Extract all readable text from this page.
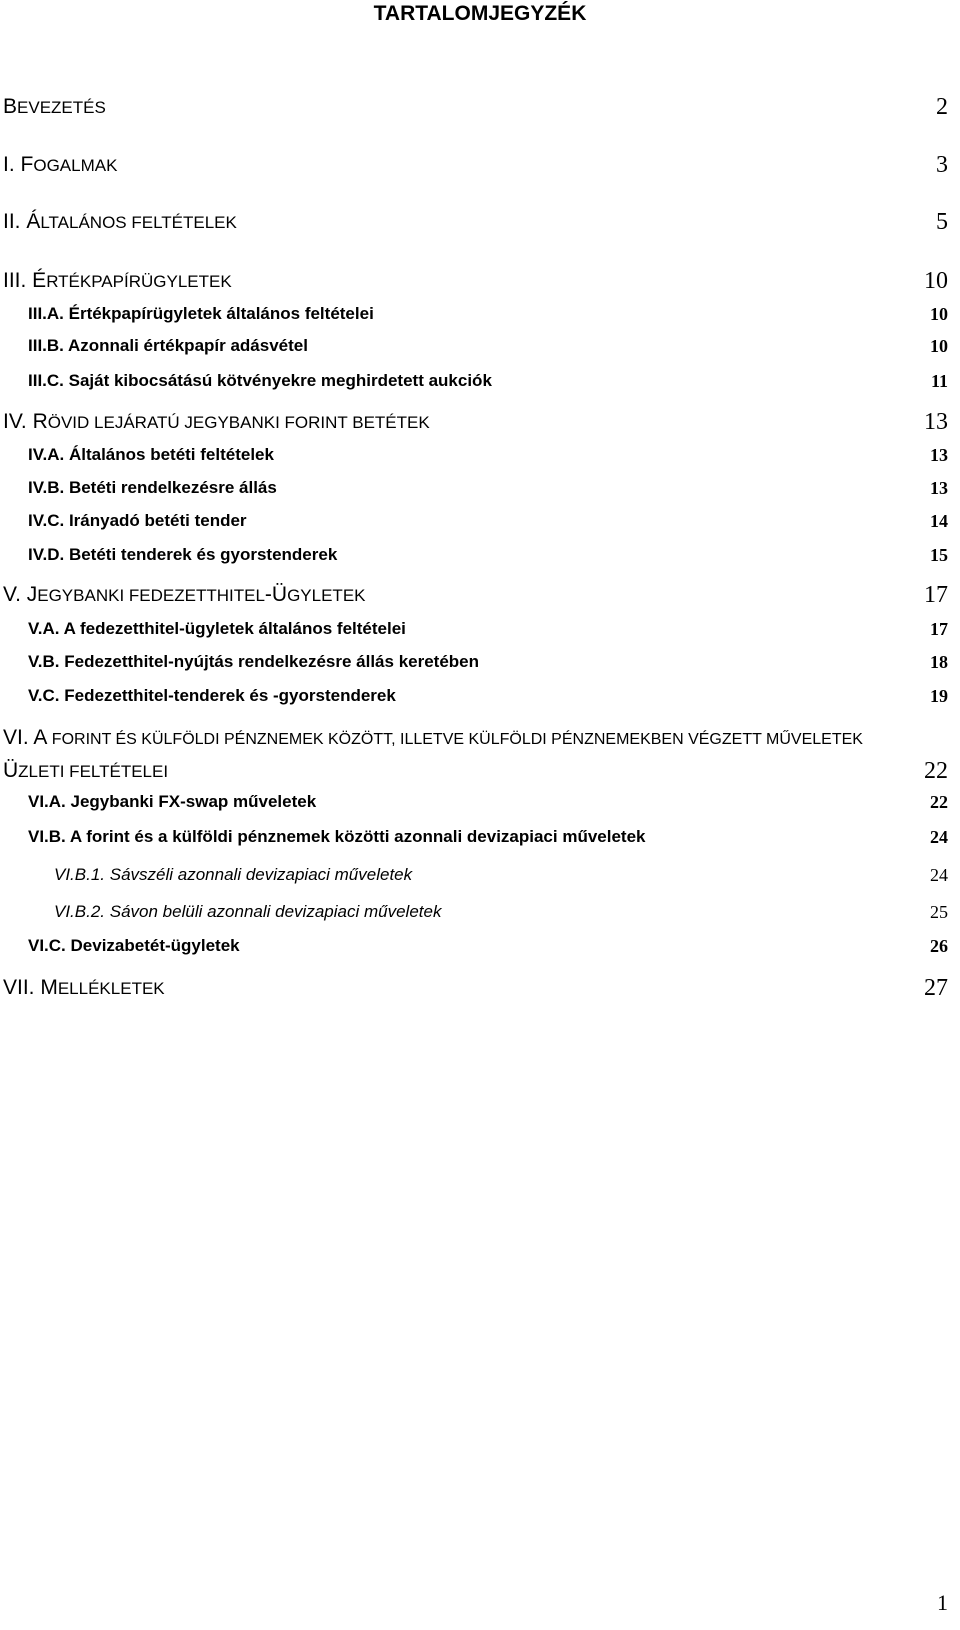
TARTALOMJEGYZÉK
BEVEZETÉS	2
I. FOGALMAK	3
II. ÁLTALÁNOS FELTÉTELEK	5
III. ÉRTÉKPAPÍRÜGYLETEK	10
III.A. Értékpapírügyletek általános feltételei	10
III.B. Azonnali értékpapír adásvétel	10
III.C. Saját kibocsátású kötvényekre meghirdetett aukciók	11
IV. RÖVID LEJÁRATÚ JEGYBANKI FORINT BETÉTEK	13
IV.A. Általános betéti feltételek	13
IV.B. Betéti rendelkezésre állás	13
IV.C. Irányadó betéti tender	14
IV.D. Betéti tenderek és gyorstenderek	15
V. JEGYBANKI FEDEZETTHITEL-ÜGYLETEK	17
V.A. A fedezetthitel-ügyletek általános feltételei	17
V.B. Fedezetthitel-nyújtás rendelkezésre állás keretében	18
V.C. Fedezetthitel-tenderek és -gyorstenderek	19
VI. A FORINT ÉS KÜLFÖLDI PÉNZNEMEK KÖZÖTT, ILLETVE KÜLFÖLDI PÉNZNEMEKBEN VÉGZETT MŰVELETEK
ÜZLETI FELTÉTELEI	22
VI.A. Jegybanki FX-swap műveletek	22
VI.B. A forint és a külföldi pénznemek közötti azonnali devizapiaci műveletek	24
VI.B.1. Sávszéli azonnali devizapiaci műveletek	24
VI.B.2. Sávon belüli azonnali devizapiaci műveletek	25
VI.C. Devizabetét-ügyletek	26
VII. MELLÉKLETEK	27
1
